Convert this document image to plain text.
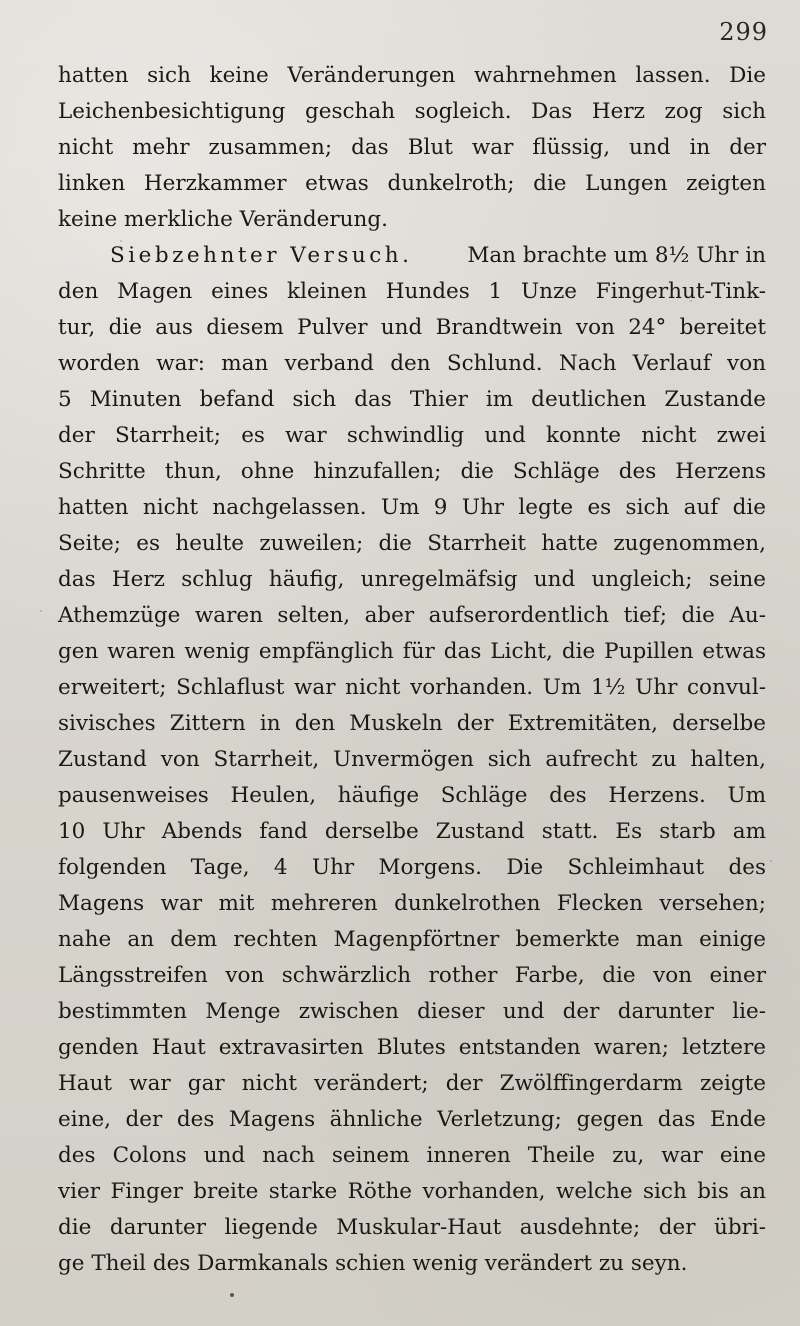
299
hatten sich keine Veränderungen wahrnehmen lassen. Die
Leichenbesichtigung geschah sogleich. Das Herz zog sich
nicht mehr zusammen; das Blut war flüssig, und in der
linken Herzkammer etwas dunkelroth; die Lungen zeigten
keine merkliche Veränderung.
Siebzehnter Versuch.	Man brachte um 8½ Uhr in
den Magen eines kleinen Hundes 1 Unze Fingerhut-Tink-
tur, die aus diesem Pulver und Brandtwein von 24° bereitet
worden war: man verband den Schlund. Nach Verlauf von
5 Minuten befand sich das Thier im deutlichen Zustande
der Starrheit; es war schwindlig und konnte nicht zwei
Schritte thun, ohne hinzufallen; die Schläge des Herzens
hatten nicht nachgelassen. Um 9 Uhr legte es sich auf die
Seite; es heulte zuweilen; die Starrheit hatte zugenommen,
das Herz schlug häufig, unregelmäfsig und ungleich; seine
Athemzüge waren selten, aber aufserordentlich tief; die Au-
gen waren wenig empfänglich für das Licht, die Pupillen etwas
erweitert; Schlaflust war nicht vorhanden. Um 1½ Uhr convul-
sivisches Zittern in den Muskeln der Extremitäten, derselbe
Zustand von Starrheit, Unvermögen sich aufrecht zu halten,
pausenweises Heulen, häufige Schläge des Herzens. Um
10 Uhr Abends fand derselbe Zustand statt. Es starb am
folgenden Tage, 4 Uhr Morgens. Die Schleimhaut des
Magens war mit mehreren dunkelrothen Flecken versehen;
nahe an dem rechten Magenpförtner bemerkte man einige
Längsstreifen von schwärzlich rother Farbe, die von einer
bestimmten Menge zwischen dieser und der darunter lie-
genden Haut extravasirten Blutes entstanden waren; letztere
Haut war gar nicht verändert; der Zwölffingerdarm zeigte
eine, der des Magens ähnliche Verletzung; gegen das Ende
des Colons und nach seinem inneren Theile zu, war eine
vier Finger breite starke Röthe vorhanden, welche sich bis an
die darunter liegende Muskular-Haut ausdehnte; der übri-
ge Theil des Darmkanals schien wenig verändert zu seyn.
